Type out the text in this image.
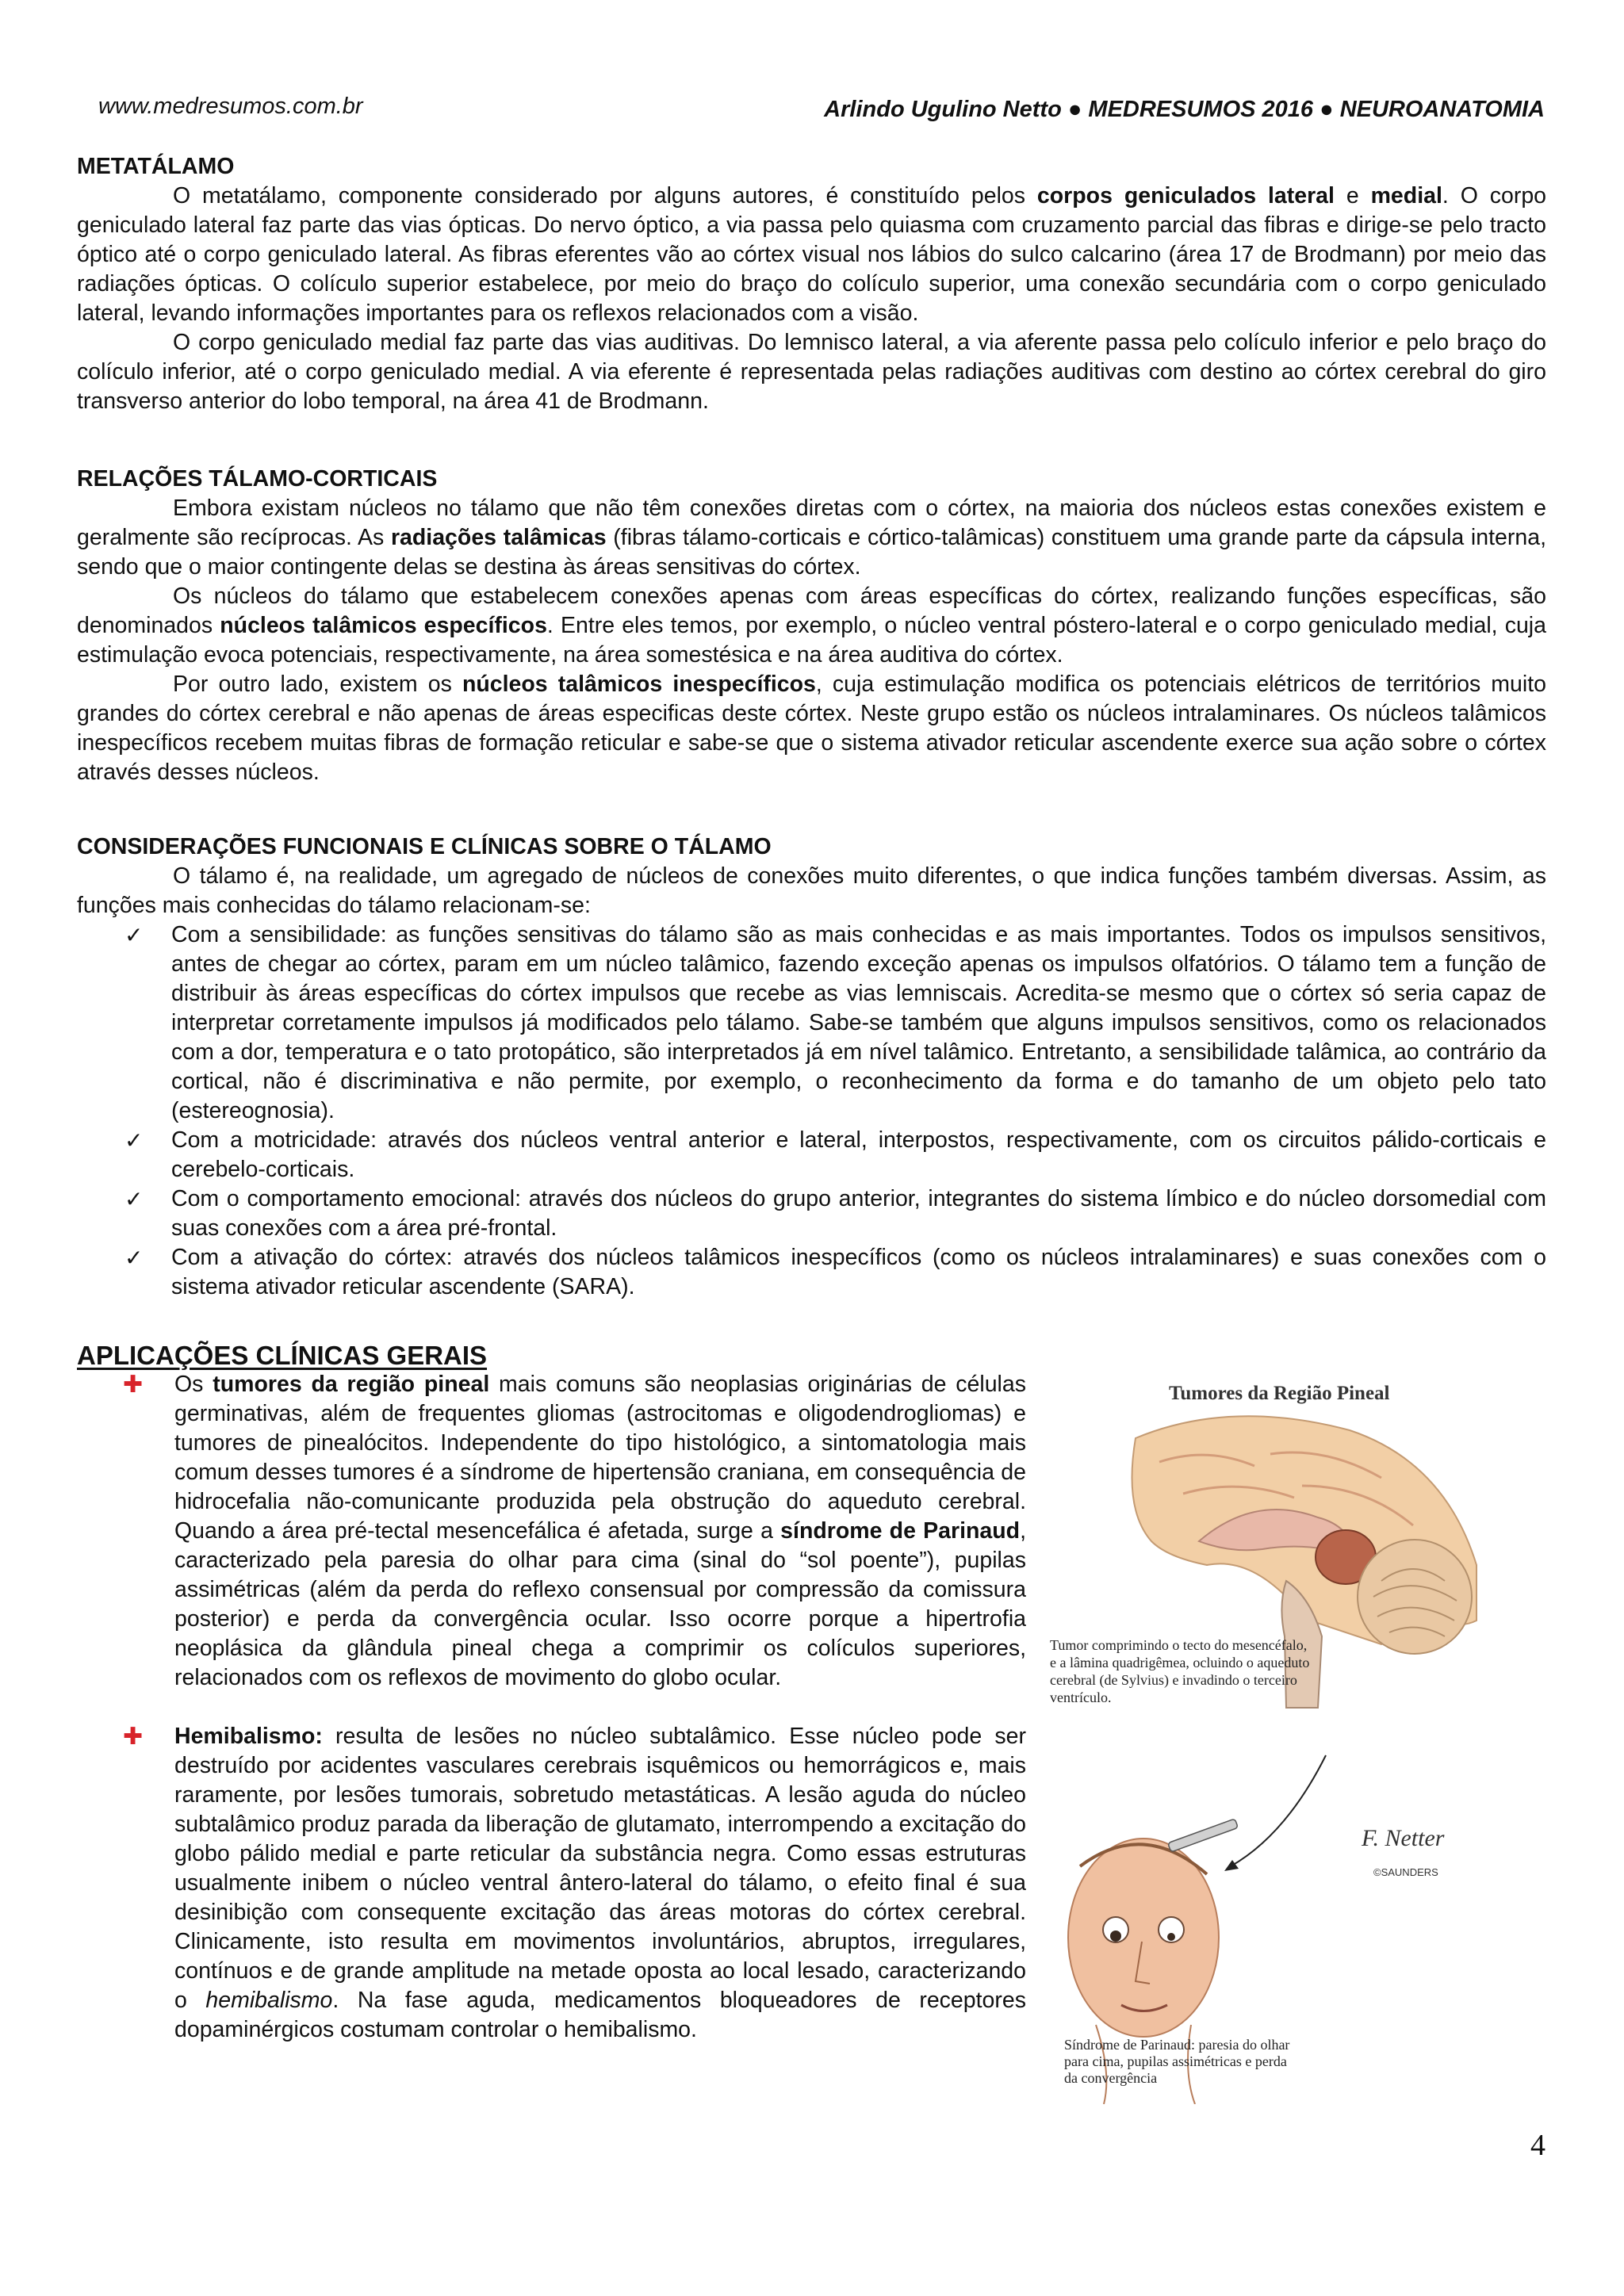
www.medresumos.com.br	Arlindo Ugulino Netto ● MEDRESUMOS 2016 ● NEUROANATOMIA
METATÁLAMO

O metatálamo, componente considerado por alguns autores, é constituído pelos corpos geniculados lateral e medial. O corpo geniculado lateral faz parte das vias ópticas. Do nervo óptico, a via passa pelo quiasma com cruzamento parcial das fibras e dirige-se pelo tracto óptico até o corpo geniculado lateral. As fibras eferentes vão ao córtex visual nos lábios do sulco calcarino (área 17 de Brodmann) por meio das radiações ópticas. O colículo superior estabelece, por meio do braço do colículo superior, uma conexão secundária com o corpo geniculado lateral, levando informações importantes para os reflexos relacionados com a visão.

O corpo geniculado medial faz parte das vias auditivas. Do lemnisco lateral, a via aferente passa pelo colículo inferior e pelo braço do colículo inferior, até o corpo geniculado medial. A via eferente é representada pelas radiações auditivas com destino ao córtex cerebral do giro transverso anterior do lobo temporal, na área 41 de Brodmann.

RELAÇÕES TÁLAMO-CORTICAIS

Embora existam núcleos no tálamo que não têm conexões diretas com o córtex, na maioria dos núcleos estas conexões existem e geralmente são recíprocas. As radiações talâmicas (fibras tálamo-corticais e córtico-talâmicas) constituem uma grande parte da cápsula interna, sendo que o maior contingente delas se destina às áreas sensitivas do córtex.

Os núcleos do tálamo que estabelecem conexões apenas com áreas específicas do córtex, realizando funções específicas, são denominados núcleos talâmicos específicos. Entre eles temos, por exemplo, o núcleo ventral póstero-lateral e o corpo geniculado medial, cuja estimulação evoca potenciais, respectivamente, na área somestésica e na área auditiva do córtex.

Por outro lado, existem os núcleos talâmicos inespecíficos, cuja estimulação modifica os potenciais elétricos de territórios muito grandes do córtex cerebral e não apenas de áreas especificas deste córtex. Neste grupo estão os núcleos intralaminares. Os núcleos talâmicos inespecíficos recebem muitas fibras de formação reticular e sabe-se que o sistema ativador reticular ascendente exerce sua ação sobre o córtex através desses núcleos.

CONSIDERAÇÕES FUNCIONAIS E CLÍNICAS SOBRE O TÁLAMO

O tálamo é, na realidade, um agregado de núcleos de conexões muito diferentes, o que indica funções também diversas. Assim, as funções mais conhecidas do tálamo relacionam-se:

✓ Com a sensibilidade: as funções sensitivas do tálamo são as mais conhecidas e as mais importantes. Todos os impulsos sensitivos, antes de chegar ao córtex, param em um núcleo talâmico, fazendo exceção apenas os impulsos olfatórios. O tálamo tem a função de distribuir às áreas específicas do córtex impulsos que recebe as vias lemniscais. Acredita-se mesmo que o córtex só seria capaz de interpretar corretamente impulsos já modificados pelo tálamo. Sabe-se também que alguns impulsos sensitivos, como os relacionados com a dor, temperatura e o tato protopático, são interpretados já em nível talâmico. Entretanto, a sensibilidade talâmica, ao contrário da cortical, não é discriminativa e não permite, por exemplo, o reconhecimento da forma e do tamanho de um objeto pelo tato (estereognosia).
✓ Com a motricidade: através dos núcleos ventral anterior e lateral, interpostos, respectivamente, com os circuitos pálido-corticais e cerebelo-corticais.
✓ Com o comportamento emocional: através dos núcleos do grupo anterior, integrantes do sistema límbico e do núcleo dorsomedial com suas conexões com a área pré-frontal.
✓ Com a ativação do córtex: através dos núcleos talâmicos inespecíficos (como os núcleos intralaminares) e suas conexões com o sistema ativador reticular ascendente (SARA).
APLICAÇÕES CLÍNICAS GERAIS
✚ Os tumores da região pineal mais comuns são neoplasias originárias de células germinativas, além de frequentes gliomas (astrocitomas e oligodendrogliomas) e tumores de pinealócitos. Independente do tipo histológico, a sintomatologia mais comum desses tumores é a síndrome de hipertensão craniana, em consequência de hidrocefalia não-comunicante produzida pela obstrução do aqueduto cerebral. Quando a área pré-tectal mesencefálica é afetada, surge a síndrome de Parinaud, caracterizado pela paresia do olhar para cima (sinal do “sol poente”), pupilas assimétricas (além da perda do reflexo consensual por compressão da comissura posterior) e perda da convergência ocular. Isso ocorre porque a hipertrofia neoplásica da glândula pineal chega a comprimir os colículos superiores, relacionados com os reflexos de movimento do globo ocular.
✚ Hemibalismo: resulta de lesões no núcleo subtalâmico. Esse núcleo pode ser destruído por acidentes vasculares cerebrais isquêmicos ou hemorrágicos e, mais raramente, por lesões tumorais, sobretudo metastáticas. A lesão aguda do núcleo subtalâmico produz parada da liberação de glutamato, interrompendo a excitação do globo pálido medial e parte reticular da substância negra. Como essas estruturas usualmente inibem o núcleo ventral ântero-lateral do tálamo, o efeito final é sua desinibição com consequente excitação das áreas motoras do córtex cerebral. Clinicamente, isto resulta em movimentos involuntários, abruptos, irregulares, contínuos e de grande amplitude na metade oposta ao local lesado, caracterizando o hemibalismo. Na fase aguda, medicamentos bloqueadores de receptores dopaminérgicos costumam controlar o hemibalismo.
Tumores da Região Pineal
Tumor comprimindo o tecto do mesencéfalo, e a lâmina quadrigêmea, ocluindo o aqueduto cerebral (de Sylvius) e invadindo o terceiro ventrículo.
F. Netter
©SAUNDERS
Síndrome de Parinaud: paresia do olhar para cima, pupilas assimétricas e perda da convergência
4
